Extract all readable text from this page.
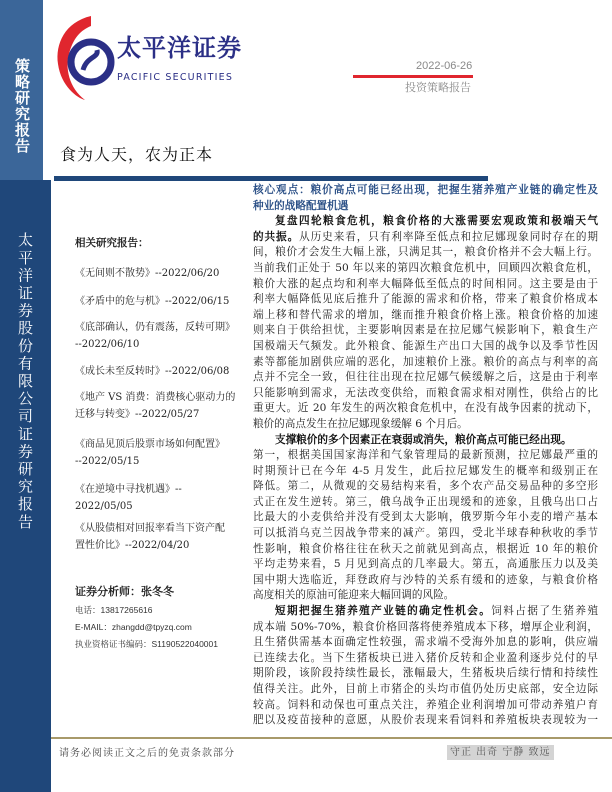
策略研究报告
太平洋证券股份有限公司证券研究报告
太平洋证券
PACIFIC SECURITIES
2022-06-26
投资策略报告
食为人天，农为正本
核心观点：粮价高点可能已经出现，把握生猪养殖产业链的确定性及
种业的战略配置机遇
复盘四轮粮食危机，粮食价格的大涨需要宏观政策和极端天气
的共振。从历史来看，只有利率降至低点和拉尼娜现象同时存在的期
间，粮价才会发生大幅上涨，只满足其一，粮食价格并不会大幅上行。
当前我们正处于 50 年以来的第四次粮食危机中，回顾四次粮食危机，
粮价大涨的起点均和利率大幅降低至低点的时间相同。这主要是由于
利率大幅降低见底后推升了能源的需求和价格，带来了粮食价格成本
端上移和替代需求的增加，继而推升粮食价格上涨。粮食价格的加速
则来自于供给担忧，主要影响因素是在拉尼娜气候影响下，粮食生产
国极端天气频发。此外粮食、能源生产出口大国的战争以及季节性因
素等都能加剧供应端的恶化，加速粮价上涨。粮价的高点与利率的高
点并不完全一致，但往往出现在拉尼娜气候缓解之后，这是由于利率
只能影响到需求，无法改变供给，而粮食需求相对刚性，供给占的比
重更大。近 20 年发生的两次粮食危机中，在没有战争因素的扰动下，
粮价的高点发生在拉尼娜现象缓解 6 个月后。
支撑粮价的多个因素正在衰弱或消失，粮价高点可能已经出现。
第一，根据美国国家海洋和气象管理局的最新预测，拉尼娜最严重的
时期预计已在今年 4-5 月发生，此后拉尼娜发生的概率和级别正在
降低。第二，从微观的交易结构来看，多个农产品交易品种的多空形
式正在发生逆转。第三，俄乌战争正出现缓和的迹象，且俄乌出口占
比最大的小麦供给并没有受到太大影响，俄罗斯今年小麦的增产基本
可以抵消乌克兰因战争带来的减产。第四，受北半球春种秋收的季节
性影响，粮食价格往往在秋天之前就见到高点，根据近 10 年的粮价
平均走势来看，5 月见到高点的几率最大。第五，高通胀压力以及美
国中期大选临近，拜登政府与沙特的关系有缓和的迹象，与粮食价格
高度相关的原油可能迎来大幅回调的风险。
短期把握生猪养殖产业链的确定性机会。饲料占据了生猪养殖
成本端 50%-70%，粮食价格回落将使养殖成本下移，增厚企业利润，
且生猪供需基本面确定性较强，需求端不受海外加息的影响，供应端
已连续去化。当下生猪板块已进入猪价反转和企业盈利逐步兑付的早
期阶段，该阶段持续性最长，涨幅最大，生猪板块后续行情和持续性
值得关注。此外，目前上市猪企的头均市值仍处历史底部，安全边际
较高。饲料和动保也可重点关注，养殖企业利润增加可带动养殖户育
肥以及疫苗接种的意愿，从股价表现来看饲料和养殖板块表现较为一
相关研究报告：
《无间则不散势》--2022/06/20
《矛盾中的危与机》--2022/06/15
《底部确认，仍有震荡，反转可期》
--2022/06/10
《成长未至反转时》--2022/06/08
《地产 VS 消费：消费核心驱动力的
迁移与转变》--2022/05/27
《商品见顶后股票市场如何配置》
--2022/05/15
《在逆境中寻找机遇》--
2022/05/05
《从股债相对回报率看当下资产配
置性价比》--2022/04/20
证券分析师：张冬冬
电话：13817265616
E-MAIL：zhangdd@tpyzq.com
执业资格证书编码：S1190522040001
请务必阅读正文之后的免责条款部分	守正 出奇 宁静 致远
